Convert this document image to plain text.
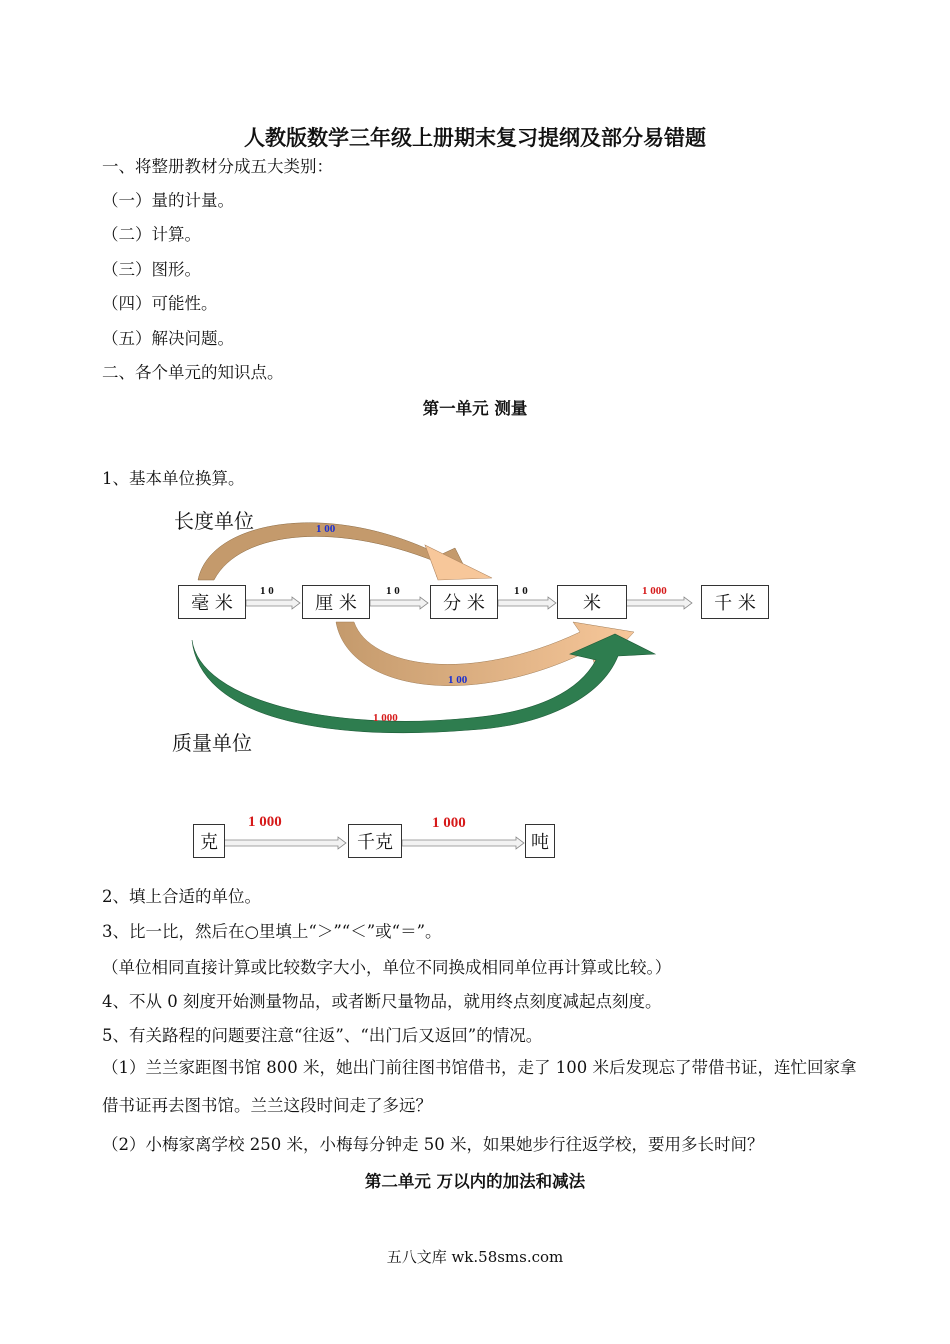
人教版数学三年级上册期末复习提纲及部分易错题
一、将整册教材分成五大类别：
（一）量的计量。
（二）计算。
（三）图形。
（四）可能性。
（五）解决问题。
二、各个单元的知识点。
第一单元 测量
1、基本单位换算。
长度单位
质量单位
毫 米	厘 米	分 米	米	千 米
1 0	1 0	1 0	1 000
1 00
1 00
1 000
克	千克	吨
1 000	1 000
2、填上合适的单位。
3、比一比，然后在○里填上“＞”“＜”或“＝”。
（单位相同直接计算或比较数字大小，单位不同换成相同单位再计算或比较。）
4、不从 0 刻度开始测量物品，或者断尺量物品，就用终点刻度减起点刻度。
5、有关路程的问题要注意“往返”、“出门后又返回”的情况。
（1）兰兰家距图书馆 800 米，她出门前往图书馆借书，走了 100 米后发现忘了带借书证，连忙回家拿借书证再去图书馆。兰兰这段时间走了多远？
（2）小梅家离学校 250 米，小梅每分钟走 50 米，如果她步行往返学校，要用多长时间？
第二单元 万以内的加法和减法
五八文库 wk.58sms.com
